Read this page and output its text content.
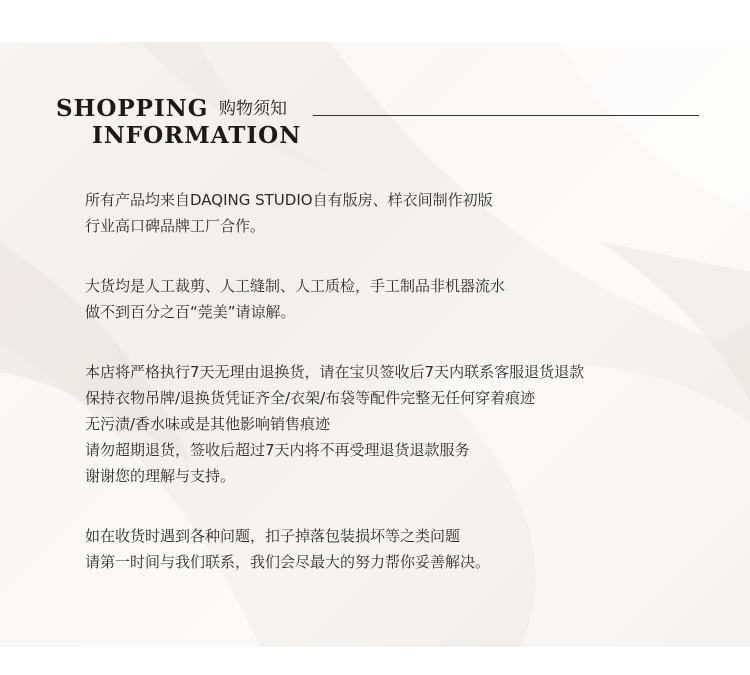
SHOPPING
INFORMATION
购物须知
所有产品均来自DAQING STUDIO自有版房、样衣间制作初版
行业高口碑品牌工厂合作。
大货均是人工裁剪、人工缝制、人工质检，手工制品非机器流水
做不到百分之百“莞美”请谅解。
本店将严格执行7天无理由退换货，请在宝贝签收后7天内联系客服退货退款
保持衣物吊牌/退换货凭证齐全/衣架/布袋等配件完整无任何穿着痕迹
无污渍/香水味或是其他影响销售痕迹
请勿超期退货，签收后超过7天内将不再受理退货退款服务
谢谢您的理解与支持。
如在收货时遇到各种问题，扣子掉落包装损坏等之类问题
请第一时间与我们联系，我们会尽最大的努力帮你妥善解决。
